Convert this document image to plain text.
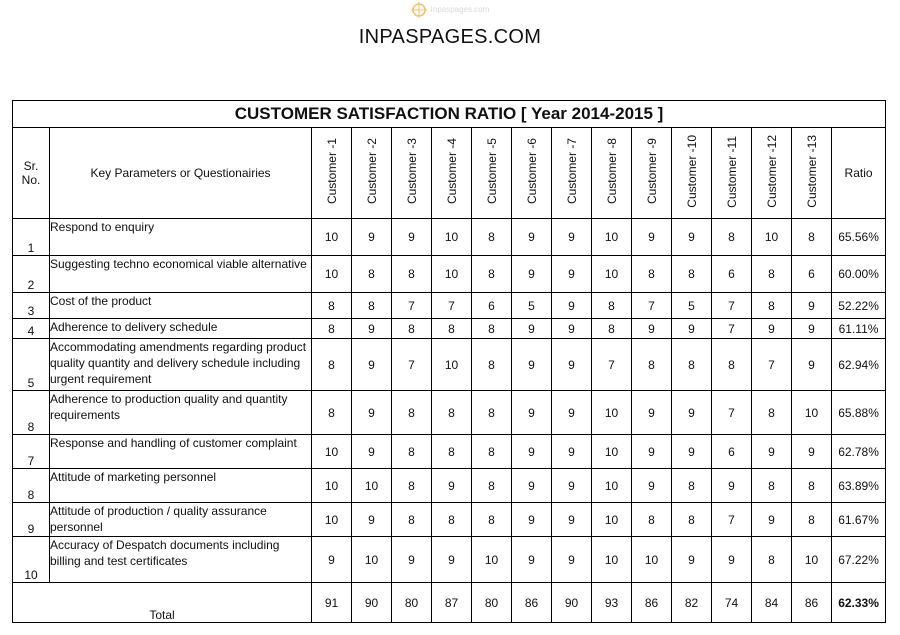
Inpaspages.com
INPASPAGES.COM
CUSTOMER SATISFACTION RATIO [ Year 2014-2015 ]															
Sr. No.	Key Parameters or Questionairies	Customer -1	Customer -2	Customer -3	Customer -4	Customer -5	Customer -6	Customer -7	Customer -8	Customer -9	Customer -10	Customer -11	Customer -12	Customer -13	Ratio
1	Respond to enquiry	10	9	9	10	8	9	9	10	9	9	8	10	8	65.56%
2	Suggesting techno economical viable alternative	10	8	8	10	8	9	9	10	8	8	6	8	6	60.00%
3	Cost of the product	8	8	7	7	6	5	9	8	7	5	7	8	9	52.22%
4	Adherence to delivery schedule	8	9	8	8	8	9	9	8	9	9	7	9	9	61.11%
5	Accommodating amendments regarding product quality quantity and delivery schedule including urgent requirement	8	9	7	10	8	9	9	7	8	8	8	7	9	62.94%
8	Adherence to production quality and quantity requirements	8	9	8	8	8	9	9	10	9	9	7	8	10	65.88%
7	Response and handling of customer complaint	10	9	8	8	8	9	9	10	9	9	6	9	9	62.78%
8	Attitude of marketing personnel	10	10	8	9	8	9	9	10	9	8	9	8	8	63.89%
9	Attitude of production / quality assurance personnel	10	9	8	8	8	9	9	10	8	8	7	9	8	61.67%
10	Accuracy of Despatch documents including billing and test certificates	9	10	9	9	10	9	9	10	10	9	9	8	10	67.22%
Total		91	90	80	87	80	86	90	93	86	82	74	84	86	62.33%
